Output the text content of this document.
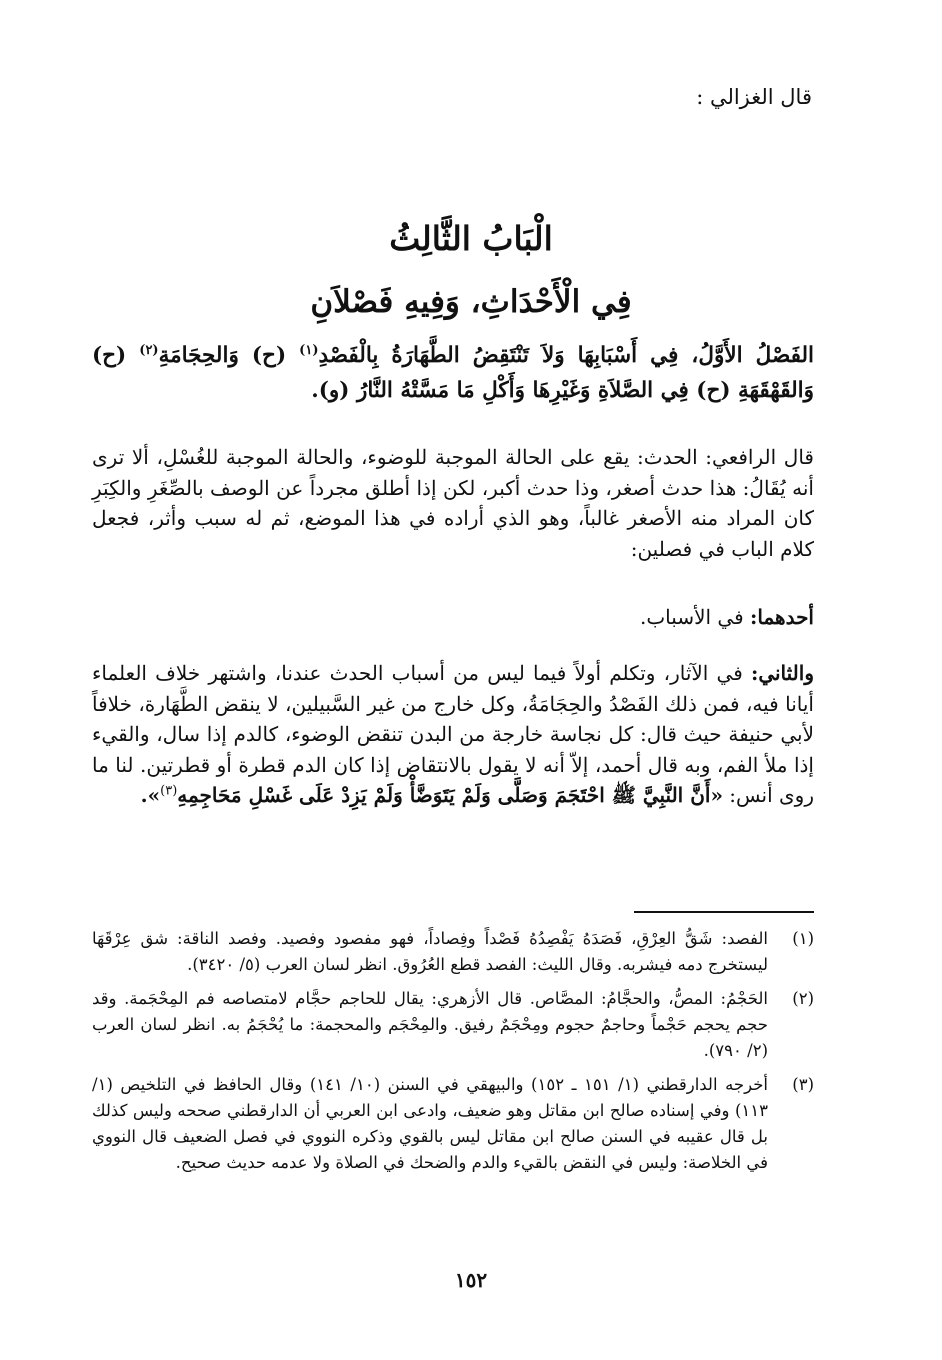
قال الغزالي :
الْبَابُ الثَّالِثُ
فِي الْأَحْدَاثِ، وَفِيهِ فَصْلاَنِ

الفَصْلُ الأَوَّلُ، فِي أَسْبَابِهَا وَلاَ تَنْتَقِضُ الطَّهَارَةُ بِالْفَصْدِ$^{(١)}$ (ح) وَالحِجَامَةِ$^{(٢)}$ (ح) وَالقَهْقَهَةِ (ح) فِي الصَّلاَةِ وَغَيْرِهَا وَأَكْلِ مَا مَسَّتْهُ النَّارُ (و).

قال الرافعي: الحدث: يقع على الحالة الموجبة للوضوء، والحالة الموجبة للغُسْلِ، ألا ترى أنه يُقَالُ: هذا حدث أصغر، وذا حدث أكبر، لكن إذا أطلق مجرداً عن الوصف بالصِّغَرِ والكِبَرِ كان المراد منه الأصغر غالباً، وهو الذي أراده في هذا الموضع، ثم له سبب وأثر، فجعل كلام الباب في فصلين:

أحدهما: في الأسباب.

والثاني: في الآثار، وتكلم أولاً فيما ليس من أسباب الحدث عندنا، واشتهر خلاف العلماء أيانا فيه، فمن ذلك الفَصْدُ والحِجَامَةُ، وكل خارج من غير السَّبيلين، لا ينقض الطَّهَارة، خلافاً لأبي حنيفة حيث قال: كل نجاسة خارجة من البدن تنقض الوضوء، كالدم إذا سال، والقيء إذا ملأ الفم، وبه قال أحمد، إلاّ أنه لا يقول بالانتقاض إذا كان الدم قطرة أو قطرتين. لنا ما روى أنس: «أَنَّ النَّبِيَّ ﷺ احْتَجَمَ وَصَلَّى وَلَمْ يَتَوَضَّأْ وَلَمْ يَزِدْ عَلَى غَسْلِ مَحَاجِمِهِ$^{(٣)}$».

(١)
الفصد: شَقُّ العِرْقِ، فَصَدَهُ يَفْصِدُهُ فَصْداً وفِصاداً، فهو مفصود وفصيد. وفصد الناقة: شق عِرْقَهَا ليستخرج دمه فيشربه. وقال الليث: الفصد قطع العُرُوق. انظر لسان العرب (٥/ ٣٤٢٠).
(٢)
الحَجْمُ: المصُّ، والحجَّامُ: المصَّاص. قال الأزهري: يقال للحاجم حجَّام لامتصاصه فم المِحْجَمة. وقد حجم يحجم حَجْماً وحاجمٌ حجوم ومِحْجَمٌ رفيق. والمِحْجَم والمحجمة: ما يُحْجَمُ به. انظر لسان العرب (٢/ ٧٩٠).
(٣)
أخرجه الدارقطني (١/ ١٥١ ـ ١٥٢) والبيهقي في السنن (١٠/ ١٤١) وقال الحافظ في التلخيص (١/ ١١٣) وفي إسناده صالح ابن مقاتل وهو ضعيف، وادعى ابن العربي أن الدارقطني صححه وليس كذلك بل قال عقيبه في السنن صالح ابن مقاتل ليس بالقوي وذكره النووي في فصل الضعيف قال النووي في الخلاصة: وليس في النقض بالقيء والدم والضحك في الصلاة ولا عدمه حديث صحيح.
١٥٢
